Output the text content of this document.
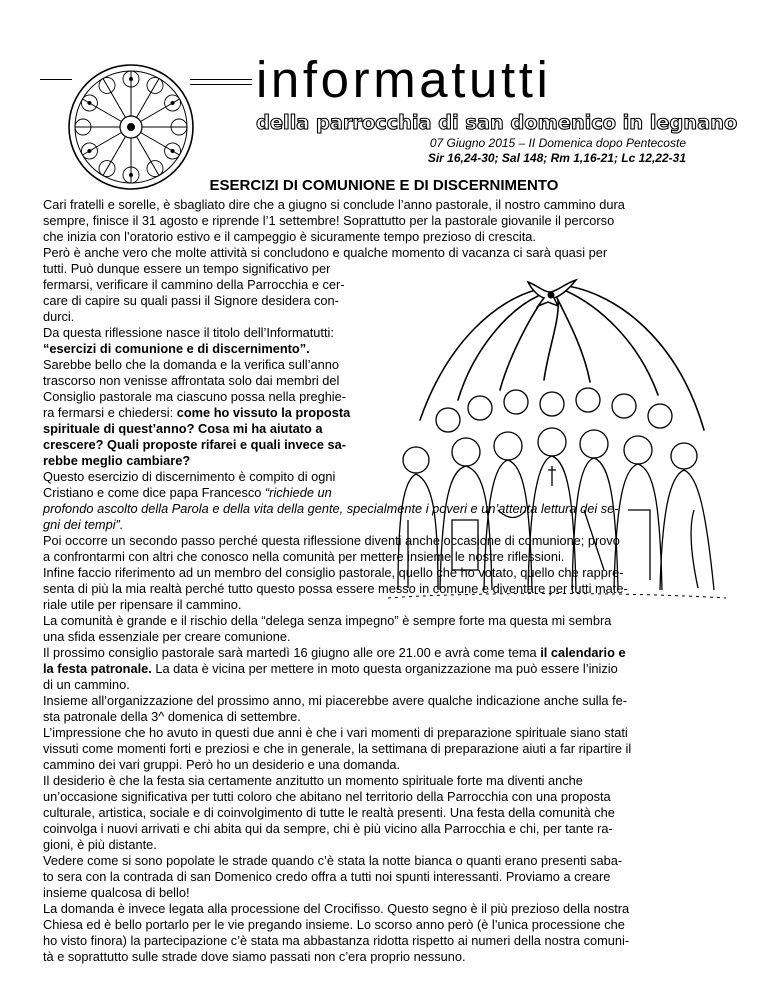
informatutti
della parrocchia di san domenico in legnano
07 Giugno 2015 – II Domenica dopo Pentecoste
Sir 16,24-30; Sal 148; Rm 1,16-21; Lc 12,22-31
ESERCIZI DI COMUNIONE E DI DISCERNIMENTO

Cari fratelli e sorelle, è sbagliato dire che a giugno si conclude l’anno pastorale, il nostro cammino dura

sempre, finisce il 31 agosto e riprende l’1 settembre! Soprattutto per la pastorale giovanile il percorso

che inizia con l’oratorio estivo e il campeggio è sicuramente tempo prezioso di crescita.

Però è anche vero che molte attività si concludono e qualche momento di vacanza ci sarà quasi per

tutti. Può dunque essere un tempo significativo per

fermarsi, verificare il cammino della Parrocchia e cer-

care di capire su quali passi il Signore desidera con-

durci.

Da questa riflessione nasce il titolo dell’Informatutti:

“esercizi di comunione e di discernimento”.

Sarebbe bello che la domanda e la verifica sull’anno

trascorso non venisse affrontata solo dai membri del

Consiglio pastorale ma ciascuno possa nella preghie-

ra fermarsi e chiedersi: come ho vissuto la proposta

spirituale di quest’anno? Cosa mi ha aiutato a

crescere? Quali proposte rifarei e quali invece sa-

rebbe meglio cambiare?

Questo esercizio di discernimento è compito di ogni

Cristiano e come dice papa Francesco “richiede un

profondo ascolto della Parola e della vita della gente, specialmente i poveri e un’attenta lettura dei se-

gni dei tempi”.

Poi occorre un secondo passo perché questa riflessione diventi anche occasione di comunione; provo

a confrontarmi con altri che conosco nella comunità per mettere insieme le nostre riflessioni.

Infine faccio riferimento ad un membro del consiglio pastorale, quello che ho votato, quello che rappre-

senta di più la mia realtà perché tutto questo possa essere messo in comune e diventare per tutti mate-

riale utile per ripensare il cammino.

La comunità è grande e il rischio della “delega senza impegno” è sempre forte ma questa mi sembra

una sfida essenziale per creare comunione.

Il prossimo consiglio pastorale sarà martedì 16 giugno alle ore 21.00 e avrà come tema il calendario e

la festa patronale. La data è vicina per mettere in moto questa organizzazione ma può essere l’inizio

di un cammino.

Insieme all’organizzazione del prossimo anno, mi piacerebbe avere qualche indicazione anche sulla fe-

sta patronale della 3^ domenica di settembre.

L’impressione che ho avuto in questi due anni è che i vari momenti di preparazione spirituale siano stati

vissuti come momenti forti e preziosi e che in generale, la settimana di preparazione aiuti a far ripartire il

cammino dei vari gruppi. Però ho un desiderio e una domanda.

Il desiderio è che la festa sia certamente anzitutto un momento spirituale forte ma diventi anche

un’occasione significativa per tutti coloro che abitano nel territorio della Parrocchia con una proposta

culturale, artistica, sociale e di coinvolgimento di tutte le realtà presenti. Una festa della comunità che

coinvolga i nuovi arrivati e chi abita qui da sempre, chi è più vicino alla Parrocchia e chi, per tante ra-

gioni, è più distante.

Vedere come si sono popolate le strade quando c’è stata la notte bianca o quanti erano presenti saba-

to sera con la contrada di san Domenico credo offra a tutti noi spunti interessanti. Proviamo a creare

insieme qualcosa di bello!

La domanda è invece legata alla processione del Crocifisso. Questo segno è il più prezioso della nostra

Chiesa ed è bello portarlo per le vie pregando insieme. Lo scorso anno però (è l’unica processione che

ho visto finora) la partecipazione c’è stata ma abbastanza ridotta rispetto ai numeri della nostra comuni-

tà e soprattutto sulle strade dove siamo passati non c’era proprio nessuno.
